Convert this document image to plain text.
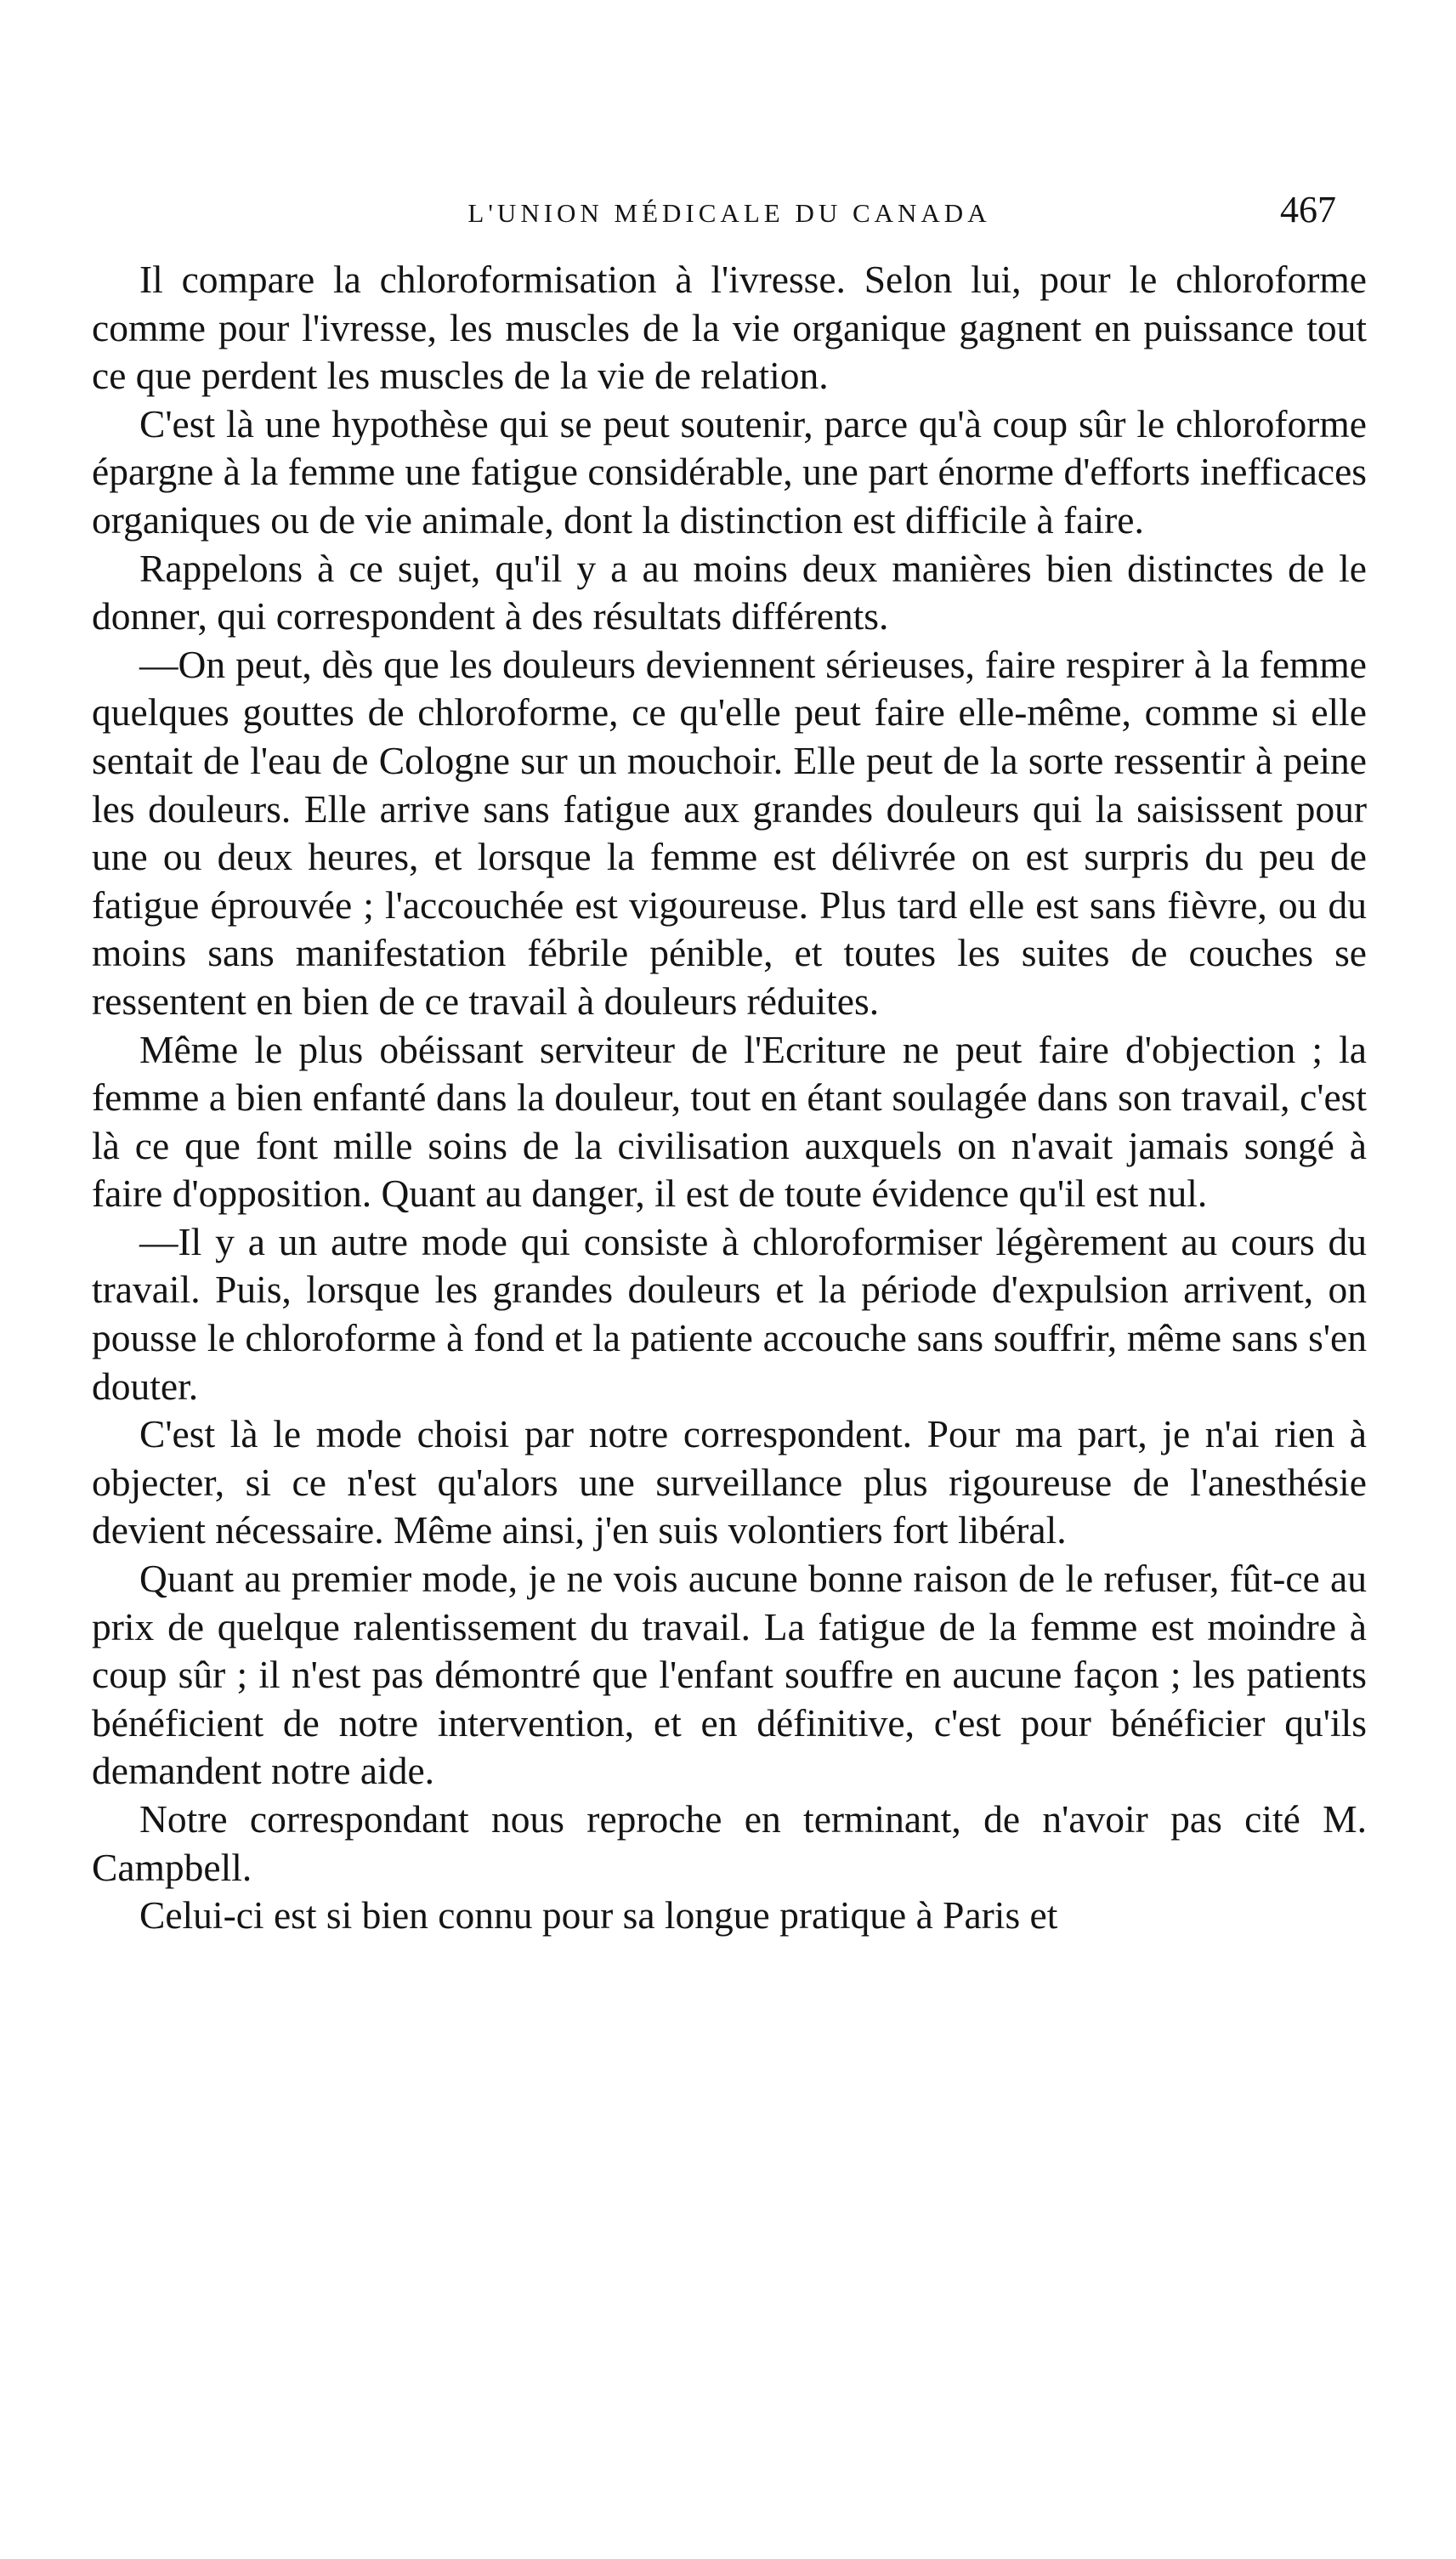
L'UNION MÉDICALE DU CANADA	467

Il compare la chloroformisation à l'ivresse. Selon lui, pour le chloroforme comme pour l'ivresse, les muscles de la vie organique gagnent en puissance tout ce que perdent les muscles de la vie de relation.

C'est là une hypothèse qui se peut soutenir, parce qu'à coup sûr le chloroforme épargne à la femme une fatigue considérable, une part énorme d'efforts inefficaces organiques ou de vie animale, dont la distinction est difficile à faire.

Rappelons à ce sujet, qu'il y a au moins deux manières bien distinctes de le donner, qui correspondent à des résultats différents.

—On peut, dès que les douleurs deviennent sérieuses, faire respirer à la femme quelques gouttes de chloroforme, ce qu'elle peut faire elle-même, comme si elle sentait de l'eau de Cologne sur un mouchoir. Elle peut de la sorte ressentir à peine les douleurs. Elle arrive sans fatigue aux grandes douleurs qui la saisissent pour une ou deux heures, et lorsque la femme est délivrée on est surpris du peu de fatigue éprouvée ; l'accouchée est vigoureuse. Plus tard elle est sans fièvre, ou du moins sans manifestation fébrile pénible, et toutes les suites de couches se ressentent en bien de ce travail à douleurs réduites.

Même le plus obéissant serviteur de l'Ecriture ne peut faire d'objection ; la femme a bien enfanté dans la douleur, tout en étant soulagée dans son travail, c'est là ce que font mille soins de la civilisation auxquels on n'avait jamais songé à faire d'opposition. Quant au danger, il est de toute évidence qu'il est nul.

—Il y a un autre mode qui consiste à chloroformiser légèrement au cours du travail. Puis, lorsque les grandes douleurs et la période d'expulsion arrivent, on pousse le chloroforme à fond et la patiente accouche sans souffrir, même sans s'en douter.

C'est là le mode choisi par notre correspondent. Pour ma part, je n'ai rien à objecter, si ce n'est qu'alors une surveillance plus rigoureuse de l'anesthésie devient nécessaire. Même ainsi, j'en suis volontiers fort libéral.

Quant au premier mode, je ne vois aucune bonne raison de le refuser, fût-ce au prix de quelque ralentissement du travail. La fatigue de la femme est moindre à coup sûr ; il n'est pas démontré que l'enfant souffre en aucune façon ; les patients bénéficient de notre intervention, et en définitive, c'est pour bénéficier qu'ils demandent notre aide.

Notre correspondant nous reproche en terminant, de n'avoir pas cité M. Campbell.

Celui-ci est si bien connu pour sa longue pratique à Paris et
